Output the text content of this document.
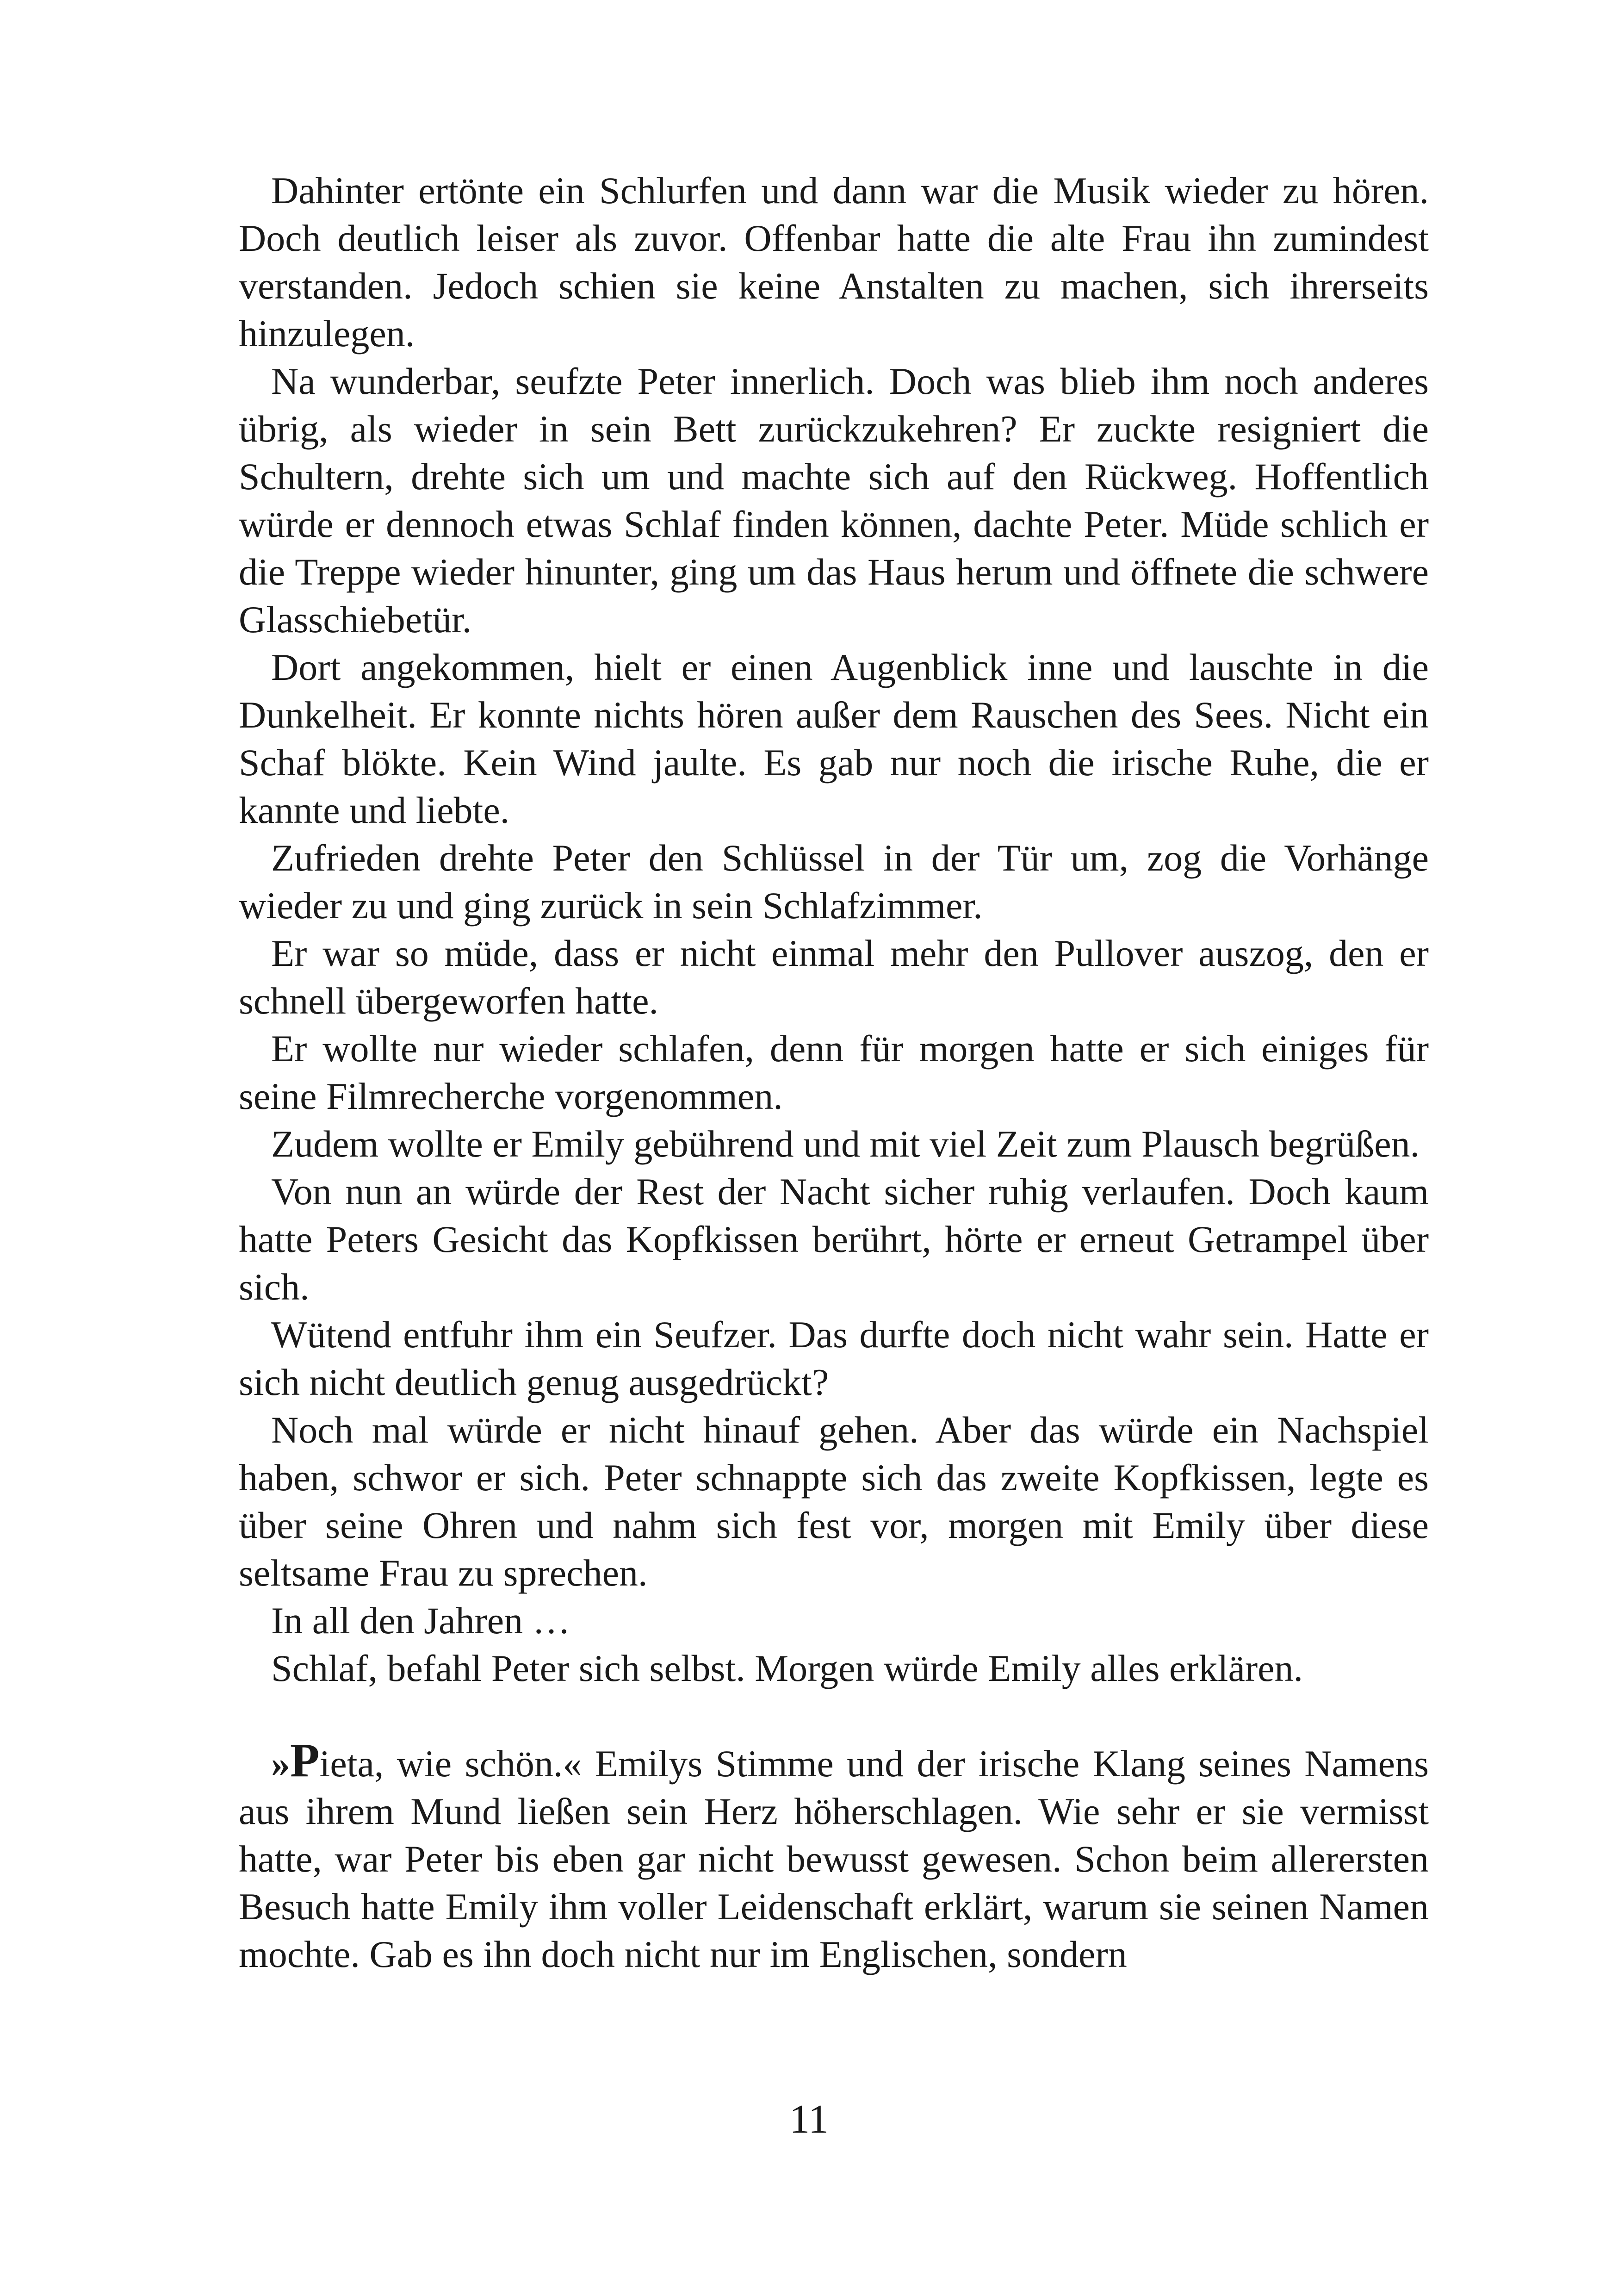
Dahinter ertönte ein Schlurfen und dann war die Musik wieder zu hören. Doch deutlich leiser als zuvor. Offenbar hatte die alte Frau ihn zumindest verstanden. Jedoch schien sie keine Anstalten zu machen, sich ihrerseits hinzulegen.

Na wunderbar, seufzte Peter innerlich. Doch was blieb ihm noch anderes übrig, als wieder in sein Bett zurückzukehren? Er zuckte resigniert die Schultern, drehte sich um und machte sich auf den Rückweg. Hoffentlich würde er dennoch etwas Schlaf finden können, dachte Peter. Müde schlich er die Treppe wieder hinunter, ging um das Haus herum und öffnete die schwere Glasschiebetür.

Dort angekommen, hielt er einen Augenblick inne und lauschte in die Dunkelheit. Er konnte nichts hören außer dem Rauschen des Sees. Nicht ein Schaf blökte. Kein Wind jaulte. Es gab nur noch die irische Ruhe, die er kannte und liebte.

Zufrieden drehte Peter den Schlüssel in der Tür um, zog die Vorhänge wieder zu und ging zurück in sein Schlafzimmer.

Er war so müde, dass er nicht einmal mehr den Pullover auszog, den er schnell übergeworfen hatte.

Er wollte nur wieder schlafen, denn für morgen hatte er sich einiges für seine Filmrecherche vorgenommen.

Zudem wollte er Emily gebührend und mit viel Zeit zum Plausch begrüßen.

Von nun an würde der Rest der Nacht sicher ruhig verlaufen. Doch kaum hatte Peters Gesicht das Kopfkissen berührt, hörte er erneut Getrampel über sich.

Wütend entfuhr ihm ein Seufzer. Das durfte doch nicht wahr sein. Hatte er sich nicht deutlich genug ausgedrückt?

Noch mal würde er nicht hinauf gehen. Aber das würde ein Nachspiel haben, schwor er sich. Peter schnappte sich das zweite Kopfkissen, legte es über seine Ohren und nahm sich fest vor, morgen mit Emily über diese seltsame Frau zu sprechen.

In all den Jahren …

Schlaf, befahl Peter sich selbst. Morgen würde Emily alles erklären.

»Pieta, wie schön.« Emilys Stimme und der irische Klang seines Namens aus ihrem Mund ließen sein Herz höherschlagen. Wie sehr er sie vermisst hatte, war Peter bis eben gar nicht bewusst gewesen. Schon beim allerersten Besuch hatte Emily ihm voller Leidenschaft erklärt, warum sie seinen Namen mochte. Gab es ihn doch nicht nur im Englischen, sondern

11
